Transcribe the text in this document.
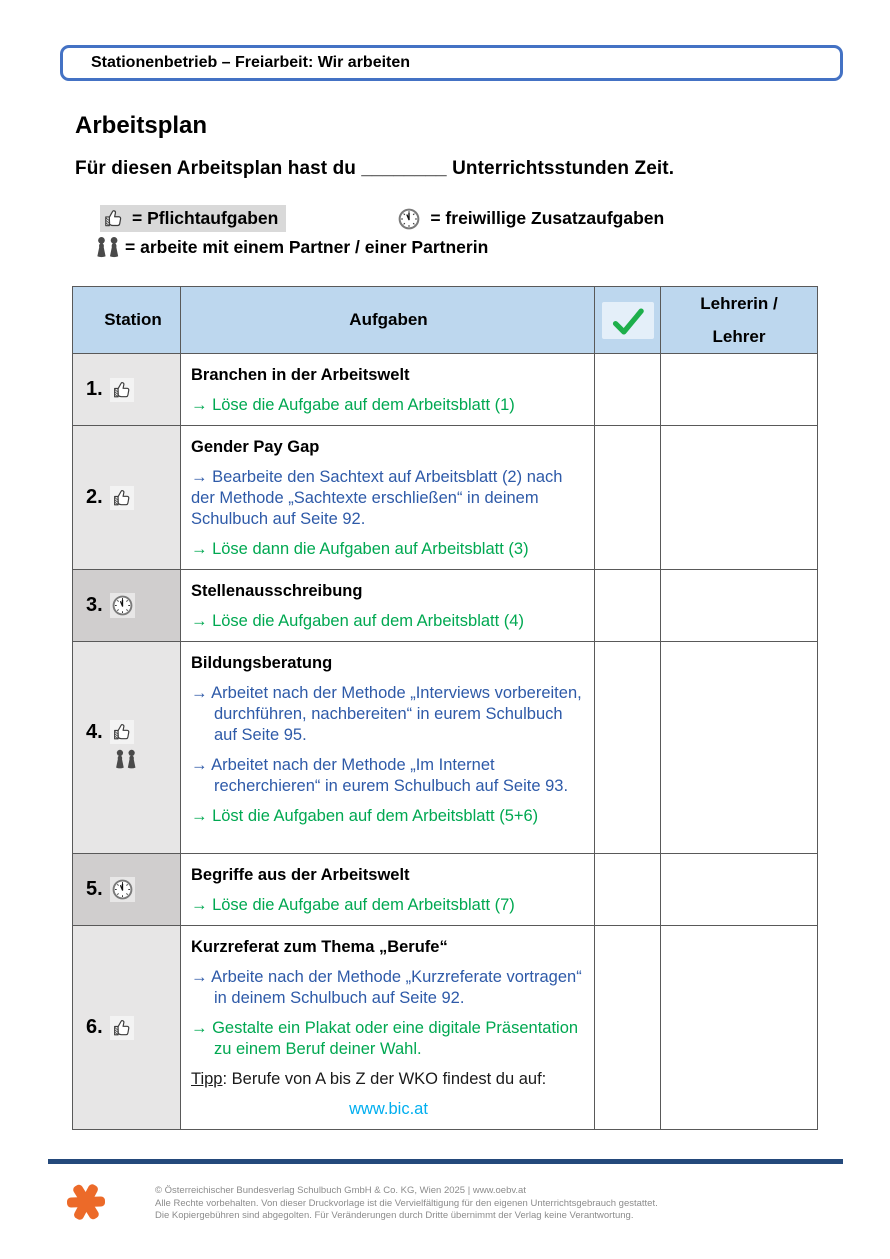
Stationenbetrieb – Freiarbeit: Wir arbeiten
Arbeitsplan

Für diesen Arbeitsplan hast du ________ Unterrichtsstunden Zeit.

= Pflichtaufgaben	= freiwillige Zusatzaufgaben
= arbeite mit einem Partner / einer Partnerin
Station	Aufgaben
Lehrerin / Lehrer
1.
Branchen in der Arbeitswelt
→ Löse die Aufgabe auf dem Arbeitsblatt (1)
2.
Gender Pay Gap
→ Bearbeite den Sachtext auf Arbeitsblatt (2) nach der Methode „Sachtexte erschließen“ in deinem Schulbuch auf Seite 92.
→ Löse dann die Aufgaben auf Arbeitsblatt (3)
3.
Stellenausschreibung
→ Löse die Aufgaben auf dem Arbeitsblatt (4)
4.
Bildungsberatung
→ Arbeitet nach der Methode „Interviews vorbereiten, durchführen, nachbereiten“ in eurem Schulbuch auf Seite 95.
→ Arbeitet nach der Methode „Im Internet recherchieren“ in eurem Schulbuch auf Seite 93.
→ Löst die Aufgaben auf dem Arbeitsblatt (5+6)
5.
Begriffe aus der Arbeitswelt
→ Löse die Aufgabe auf dem Arbeitsblatt (7)
6.
Kurzreferat zum Thema „Berufe“
→ Arbeite nach der Methode „Kurzreferate vortragen“ in deinem Schulbuch auf Seite 92.
→ Gestalte ein Plakat oder eine digitale Präsentation zu einem Beruf deiner Wahl.
Tipp: Berufe von A bis Z der WKO findest du auf:
www.bic.at
© Österreichischer Bundesverlag Schulbuch GmbH & Co. KG, Wien 2025 | www.oebv.at
Alle Rechte vorbehalten. Von dieser Druckvorlage ist die Vervielfältigung für den eigenen Unterrichtsgebrauch gestattet.
Die Kopiergebühren sind abgegolten. Für Veränderungen durch Dritte übernimmt der Verlag keine Verantwortung.
